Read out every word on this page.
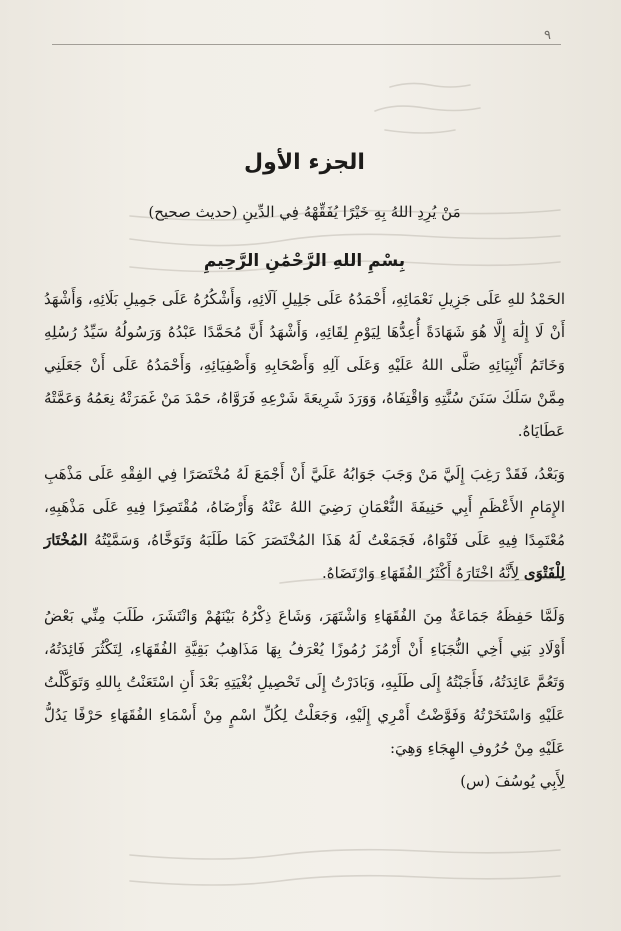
٩
الجزء الأول
مَنْ يُرِدِ اللهُ بِهِ خَيْرًا يُفَقِّهْهُ فِي الدِّينِ (حديث صحيح)
بِسْمِ اللهِ الرَّحْمَٰنِ الرَّحِيمِ

الحَمْدُ للهِ عَلَى جَزِيلِ نَعْمَائِهِ، أَحْمَدُهُ عَلَى جَلِيلِ آلَائِهِ، وَأَشْكُرُهُ عَلَى جَمِيلِ بَلَائِهِ، وَأَشْهَدُ أَنْ لَا إِلَٰهَ إِلَّا هُوَ شَهَادَةً أُعِدُّهَا لِيَوْمِ لِقَائِهِ، وَأَشْهَدُ أَنَّ مُحَمَّدًا عَبْدُهُ وَرَسُولُهُ سَيِّدُ رُسُلِهِ وَخَاتَمُ أَنْبِيَائِهِ صَلَّى اللهُ عَلَيْهِ وَعَلَى آلِهِ وَأَصْحَابِهِ وَأَصْفِيَائِهِ، وَأَحْمَدُهُ عَلَى أَنْ جَعَلَنِي مِمَّنْ سَلَكَ سَنَنَ سُنَّتِهِ وَاقْتِفَاهُ، وَوَرَدَ شَرِيعَةَ شَرْعِهِ فَرَوَّاهُ، حَمْدَ مَنْ غَمَرَتْهُ نِعَمُهُ وَعَمَّتْهُ عَطَايَاهُ.

وَبَعْدُ، فَقَدْ رَغِبَ إِلَيَّ مَنْ وَجَبَ جَوَابُهُ عَلَيَّ أَنْ أَجْمَعَ لَهُ مُخْتَصَرًا فِي الفِقْهِ عَلَى مَذْهَبِ الإِمَامِ الأَعْظَمِ أَبِي حَنِيفَةَ النُّعْمَانِ رَضِيَ اللهُ عَنْهُ وَأَرْضَاهُ، مُقْتَصِرًا فِيهِ عَلَى مَذْهَبِهِ، مُعْتَمِدًا فِيهِ عَلَى فَتْوَاهُ، فَجَمَعْتُ لَهُ هَذَا المُخْتَصَرَ كَمَا طَلَبَهُ وَتَوَخَّاهُ، وَسَمَّيْتُهُ المُخْتَارَ لِلْفَتْوَى لِأَنَّهُ اخْتَارَهُ أَكْثَرُ الفُقَهَاءِ وَارْتَضَاهُ.

وَلَمَّا حَفِظَهُ جَمَاعَةٌ مِنَ الفُقَهَاءِ وَاشْتَهَرَ، وَشَاعَ ذِكْرُهُ بَيْنَهُمْ وَانْتَشَرَ، طَلَبَ مِنِّي بَعْضُ أَوْلَادِ بَنِي أَخِي النُّجَبَاءِ أَنْ أَرْمُزَ رُمُوزًا يُعْرَفُ بِهَا مَذَاهِبُ بَقِيَّةِ الفُقَهَاءِ، لِتَكْثُرَ فَائِدَتُهُ، وَتَعُمَّ عَائِدَتُهُ، فَأَجَبْتُهُ إِلَى طَلَبِهِ، وَبَادَرْتُ إِلَى تَحْصِيلِ بُغْيَتِهِ بَعْدَ أَنِ اسْتَعَنْتُ بِاللهِ وَتَوَكَّلْتُ عَلَيْهِ وَاسْتَخَرْتُهُ وَفَوَّضْتُ أَمْرِي إِلَيْهِ، وَجَعَلْتُ لِكُلِّ اسْمٍ مِنْ أَسْمَاءِ الفُقَهَاءِ حَرْفًا يَدُلُّ عَلَيْهِ مِنْ حُرُوفِ الهِجَاءِ وَهِيَ:

لِأَبِي يُوسُفَ (س)
